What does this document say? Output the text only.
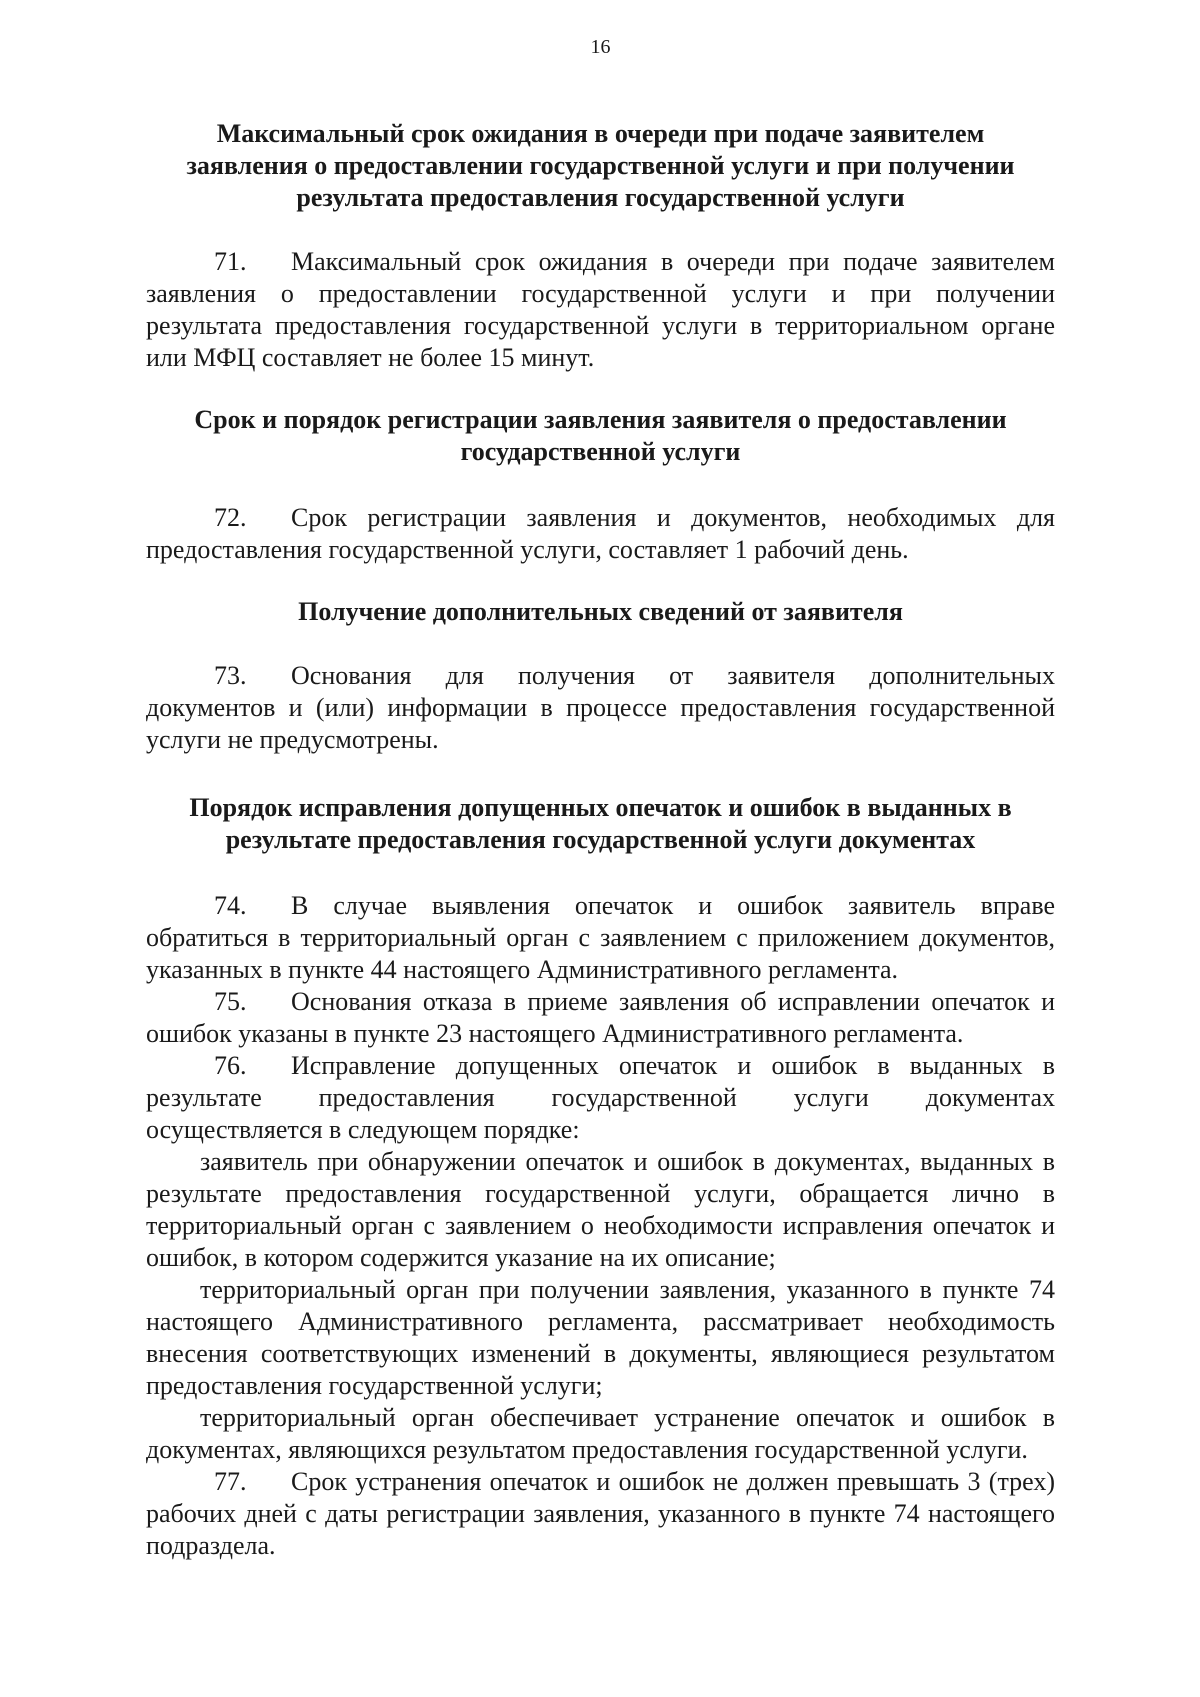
16
Максимальный срок ожидания в очереди при подаче заявителем
заявления о предоставлении государственной услуги и при получении
результата предоставления государственной услуги

71. Максимальный срок ожидания в очереди при подаче заявителем
заявления о предоставлении государственной услуги и при получении
результата предоставления государственной услуги в территориальном органе
или МФЦ составляет не более 15 минут.

Срок и порядок регистрации заявления заявителя о предоставлении
государственной услуги

72. Срок регистрации заявления и документов, необходимых для
предоставления государственной услуги, составляет 1 рабочий день.

Получение дополнительных сведений от заявителя

73. Основания для получения от заявителя дополнительных
документов и (или) информации в процессе предоставления государственной
услуги не предусмотрены.

Порядок исправления допущенных опечаток и ошибок в выданных в
результате предоставления государственной услуги документах

74. В случае выявления опечаток и ошибок заявитель вправе
обратиться в территориальный орган с заявлением с приложением документов,
указанных в пункте 44 настоящего Административного регламента.

75. Основания отказа в приеме заявления об исправлении опечаток и
ошибок указаны в пункте 23 настоящего Административного регламента.

76. Исправление допущенных опечаток и ошибок в выданных в
результате предоставления государственной услуги документах
осуществляется в следующем порядке:

заявитель при обнаружении опечаток и ошибок в документах, выданных в
результате предоставления государственной услуги, обращается лично в
территориальный орган с заявлением о необходимости исправления опечаток и
ошибок, в котором содержится указание на их описание;

территориальный орган при получении заявления, указанного в пункте 74
настоящего Административного регламента, рассматривает необходимость
внесения соответствующих изменений в документы, являющиеся результатом
предоставления государственной услуги;

территориальный орган обеспечивает устранение опечаток и ошибок в
документах, являющихся результатом предоставления государственной услуги.

77. Срок устранения опечаток и ошибок не должен превышать 3 (трех)
рабочих дней с даты регистрации заявления, указанного в пункте 74 настоящего
подраздела.
